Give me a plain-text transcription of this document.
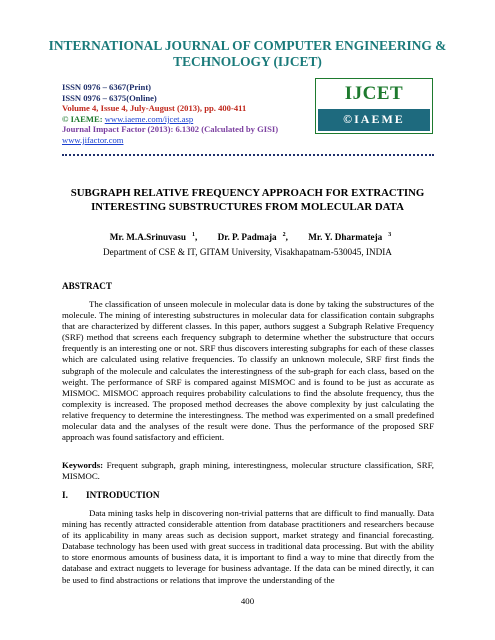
INTERNATIONAL JOURNAL OF COMPUTER ENGINEERING &
TECHNOLOGY (IJCET)
ISSN 0976 – 6367(Print)
ISSN 0976 – 6375(Online)
Volume 4, Issue 4, July-August (2013), pp. 400-411
© IAEME: www.iaeme.com/ijcet.asp
Journal Impact Factor (2013): 6.1302 (Calculated by GISI)
www.jifactor.com
IJCET
©IAEME
SUBGRAPH RELATIVE FREQUENCY APPROACH FOR EXTRACTING
INTERESTING SUBSTRUCTURES FROM MOLECULAR DATA
Mr. M.A.Srinuvasu $^1$, Dr. P. Padmaja $^2$, Mr. Y. Dharmateja $^3$
Department of CSE & IT, GITAM University, Visakhapatnam-530045, INDIA
ABSTRACT

The classification of unseen molecule in molecular data is done by taking the substructures of the molecule. The mining of interesting substructures in molecular data for classification contain subgraphs that are characterized by different classes. In this paper, authors suggest a Subgraph Relative Frequency (SRF) method that screens each frequency subgraph to determine whether the substructure that occurs frequently is an interesting one or not. SRF thus discovers interesting subgraphs for each of these classes which are calculated using relative frequencies. To classify an unknown molecule, SRF first finds the subgraph of the molecule and calculates the interestingness of the sub-graph for each class, based on the weight. The performance of SRF is compared against MISMOC and is found to be just as accurate as MISMOC. MISMOC approach requires probability calculations to find the absolute frequency, thus the complexity is increased. The proposed method decreases the above complexity by just calculating the relative frequency to determine the interestingness. The method was experimented on a small predefined molecular data and the analyses of the result were done. Thus the performance of the proposed SRF approach was found satisfactory and efficient.

Keywords: Frequent subgraph, graph mining, interestingness, molecular structure classification, SRF, MISMOC.
I. INTRODUCTION

Data mining tasks help in discovering non-trivial patterns that are difficult to find manually. Data mining has recently attracted considerable attention from database practitioners and researchers because of its applicability in many areas such as decision support, market strategy and financial forecasting. Database technology has been used with great success in traditional data processing. But with the ability to store enormous amounts of business data, it is important to find a way to mine that directly from the database and extract nuggets to leverage for business advantage. If the data can be mined directly, it can be used to find abstractions or relations that improve the understanding of the

400
